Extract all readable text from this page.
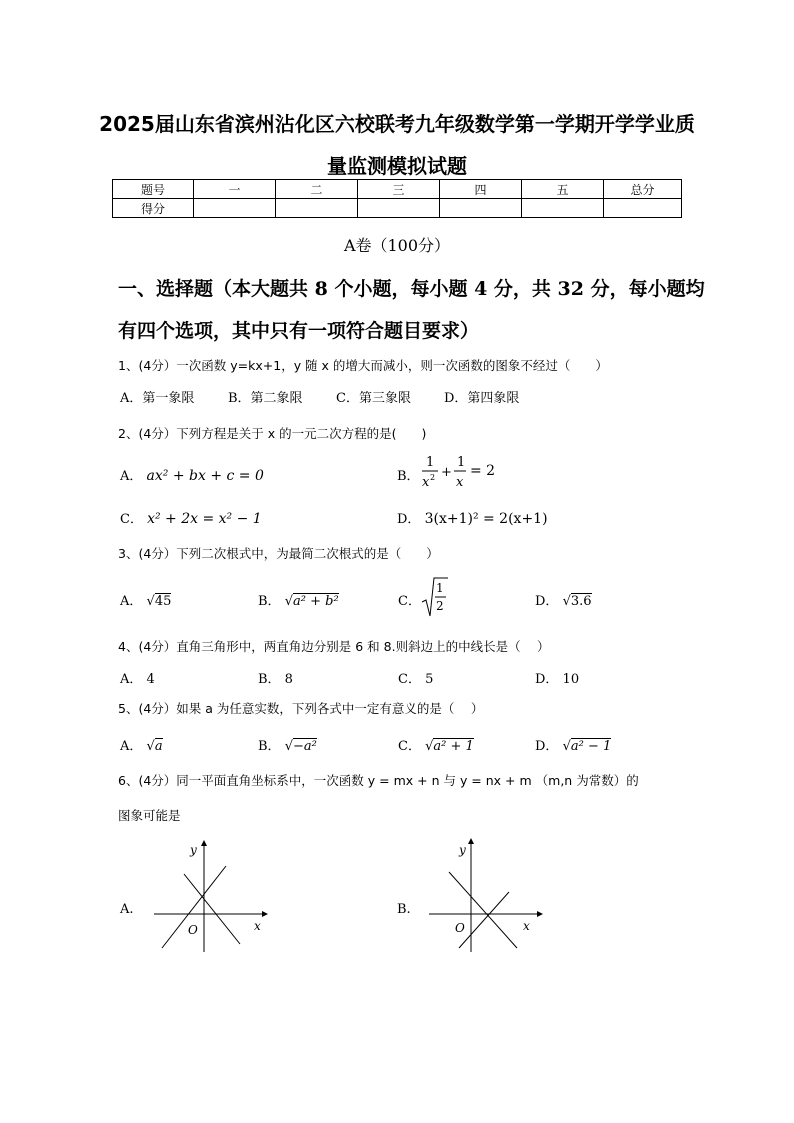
2025届山东省滨州沾化区六校联考九年级数学第一学期开学学业质
量监测模拟试题
题号	一	二	三	四	五	总分
得分						
A卷（100分）
一、选择题（本大题共 8 个小题，每小题 4 分，共 32 分，每小题均
有四个选项，其中只有一项符合题目要求）
1、(4分）一次函数 y=kx+1，y 随 x 的增大而减小，则一次函数的图象不经过（　　）
A．第一象限	B．第二象限	C．第三象限	D．第四象限
2、(4分）下列方程是关于 x 的一元二次方程的是(　　)
A． ax² + bx + c = 0	B．
1
x 2 +
1
x
= 2
C． x² + 2x = x² − 1	D． 3(x+1)² = 2(x+1)
3、(4分）下列二次根式中，为最简二次根式的是（　　）
A． √45	B． √a² + b²	C．
1
2	D． √3.6
4、(4分）直角三角形中，两直角边分别是 6 和 8.则斜边上的中线长是（　 ）
A． 4	B． 8	C． 5	D． 10
5、(4分）如果 a 为任意实数，下列各式中一定有意义的是（　 ）
A． √a	B． √−a²	C． √a² + 1	D． √a² − 1
6、(4分）同一平面直角坐标系中，一次函数 y = mx + n 与 y = nx + m （m,n 为常数）的
图象可能是
A.
x
y
O
B.
x
y
O
